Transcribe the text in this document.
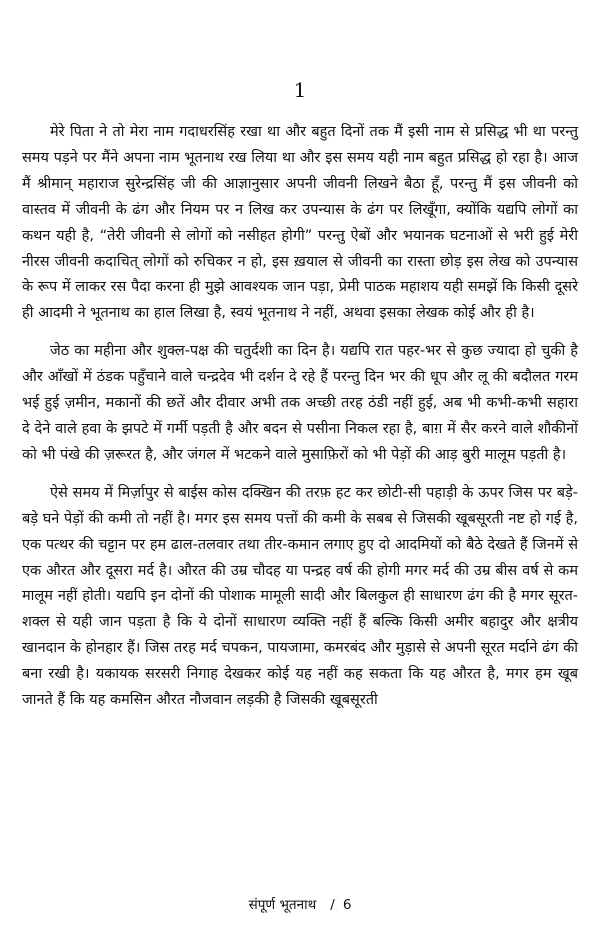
1

मेरे पिता ने तो मेरा नाम गदाधरसिंह रखा था और बहुत दिनों तक मैं इसी नाम से प्रसिद्ध भी था परन्तु समय पड़ने पर मैंने अपना नाम भूतनाथ रख लिया था और इस समय यही नाम बहुत प्रसिद्ध हो रहा है। आज मैं श्रीमान् महाराज सुरेन्द्रसिंह जी की आज्ञानुसार अपनी जीवनी लिखने बैठा हूँ, परन्तु मैं इस जीवनी को वास्तव में जीवनी के ढंग और नियम पर न लिख कर उपन्यास के ढंग पर लिखूँगा, क्योंकि यद्यपि लोगों का कथन यही है, “तेरी जीवनी से लोगों को नसीहत होगी” परन्तु ऐबों और भयानक घटनाओं से भरी हुई मेरी नीरस जीवनी कदाचित् लोगों को रुचिकर न हो, इस ख़याल से जीवनी का रास्ता छोड़ इस लेख को उपन्यास के रूप में लाकर रस पैदा करना ही मुझे आवश्यक जान पड़ा, प्रेमी पाठक महाशय यही समझें कि किसी दूसरे ही आदमी ने भूतनाथ का हाल लिखा है, स्वयं भूतनाथ ने नहीं, अथवा इसका लेखक कोई और ही है।

जेठ का महीना और शुक्ल-पक्ष की चतुर्दशी का दिन है। यद्यपि रात पहर-भर से कुछ ज्यादा हो चुकी है और आँखों में ठंडक पहुँचाने वाले चन्द्रदेव भी दर्शन दे रहे हैं परन्तु दिन भर की धूप और लू की बदौलत गरम भई हुई ज़मीन, मकानों की छतें और दीवार अभी तक अच्छी तरह ठंडी नहीं हुई, अब भी कभी-कभी सहारा दे देने वाले हवा के झपटे में गर्मी पड़ती है और बदन से पसीना निकल रहा है, बाग़ में सैर करने वाले शौकीनों को भी पंखे की ज़रूरत है, और जंगल में भटकने वाले मुसाफ़िरों को भी पेड़ों की आड़ बुरी मालूम पड़ती है।

ऐसे समय में मिर्ज़ापुर से बाईस कोस दक्खिन की तरफ़ हट कर छोटी-सी पहाड़ी के ऊपर जिस पर बड़े-बड़े घने पेड़ों की कमी तो नहीं है। मगर इस समय पत्तों की कमी के सबब से जिसकी खूबसूरती नष्ट हो गई है, एक पत्थर की चट्टान पर हम ढाल-तलवार तथा तीर-कमान लगाए हुए दो आदमियों को बैठे देखते हैं जिनमें से एक औरत और दूसरा मर्द है। औरत की उम्र चौदह या पन्द्रह वर्ष की होगी मगर मर्द की उम्र बीस वर्ष से कम मालूम नहीं होती। यद्यपि इन दोनों की पोशाक मामूली सादी और बिलकुल ही साधारण ढंग की है मगर सूरत-शक्ल से यही जान पड़ता है कि ये दोनों साधारण व्यक्ति नहीं हैं बल्कि किसी अमीर बहादुर और क्षत्रीय खानदान के होनहार हैं। जिस तरह मर्द चपकन, पायजामा, कमरबंद और मुड़ासे से अपनी सूरत मर्दाने ढंग की बना रखी है। यकायक सरसरी निगाह देखकर कोई यह नहीं कह सकता कि यह औरत है, मगर हम खूब जानते हैं कि यह कमसिन औरत नौजवान लड़की है जिसकी खूबसूरती

संपूर्ण भूतनाथ / 6
